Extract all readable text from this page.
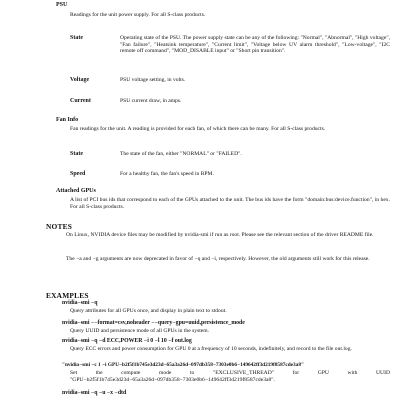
PSU
Readings for the unit power supply. For all S-class products.
State	Operating state of the PSU. The power supply state can be any of the following: "Normal", "Abnormal", "High voltage", "Fan failure", "Heatsink temperature", "Current limit", "Voltage below UV alarm threshold", "Low-voltage", "I2C remote off command", "MOD_DISABLE input" or "Short pin transition".
Voltage	PSU voltage setting, in volts.
Current	PSU current draw, in amps.
Fan Info
Fan readings for the unit. A reading is provided for each fan, of which there can be many. For all S-class products.
State	The state of the fan, either "NORMAL" or "FAILED".
Speed	For a healthy fan, the fan's speed in RPM.
Attached GPUs
A list of PCI bus ids that correspond to each of the GPUs attached to the unit. The bus ids have the form "domain:bus:device.function", in hex. For all S-class products.
NOTES
On Linux, NVIDIA device files may be modified by nvidia-smi if run as root. Please see the relevant section of the driver README file.
The −a and −g arguments are now deprecated in favor of −q and −i, respectively. However, the old arguments still work for this release.
EXAMPLES
nvidia−smi −q
Query attributes for all GPUs once, and display in plain text to stdout.
nvidia−smi −−format=csv,noheader −−query−gpu=uuid,persistence_mode
Query UUID and persistence mode of all GPUs in the system.
nvidia−smi −q −d ECC,POWER −i 0 −l 10 −f out.log
Query ECC errors and power consumption for GPU 0 at a frequency of 10 seconds, indefinitely, and record to the file out.log.
"nvidia−smi −c 1 −i GPU−b2f5f1b745e3d23d−65a3a26d−097db358−7303e0b6−149642ff3d219f8587cde3a8"
Set the compute mode to "EXCLUSIVE_THREAD" for GPU with UUID "GPU−b2f5f1b745e3d23d−65a3a26d−097db358−7303e0b6−149642ff3d219f8587cde3a8".
nvidia−smi −q −u −x −dtd
